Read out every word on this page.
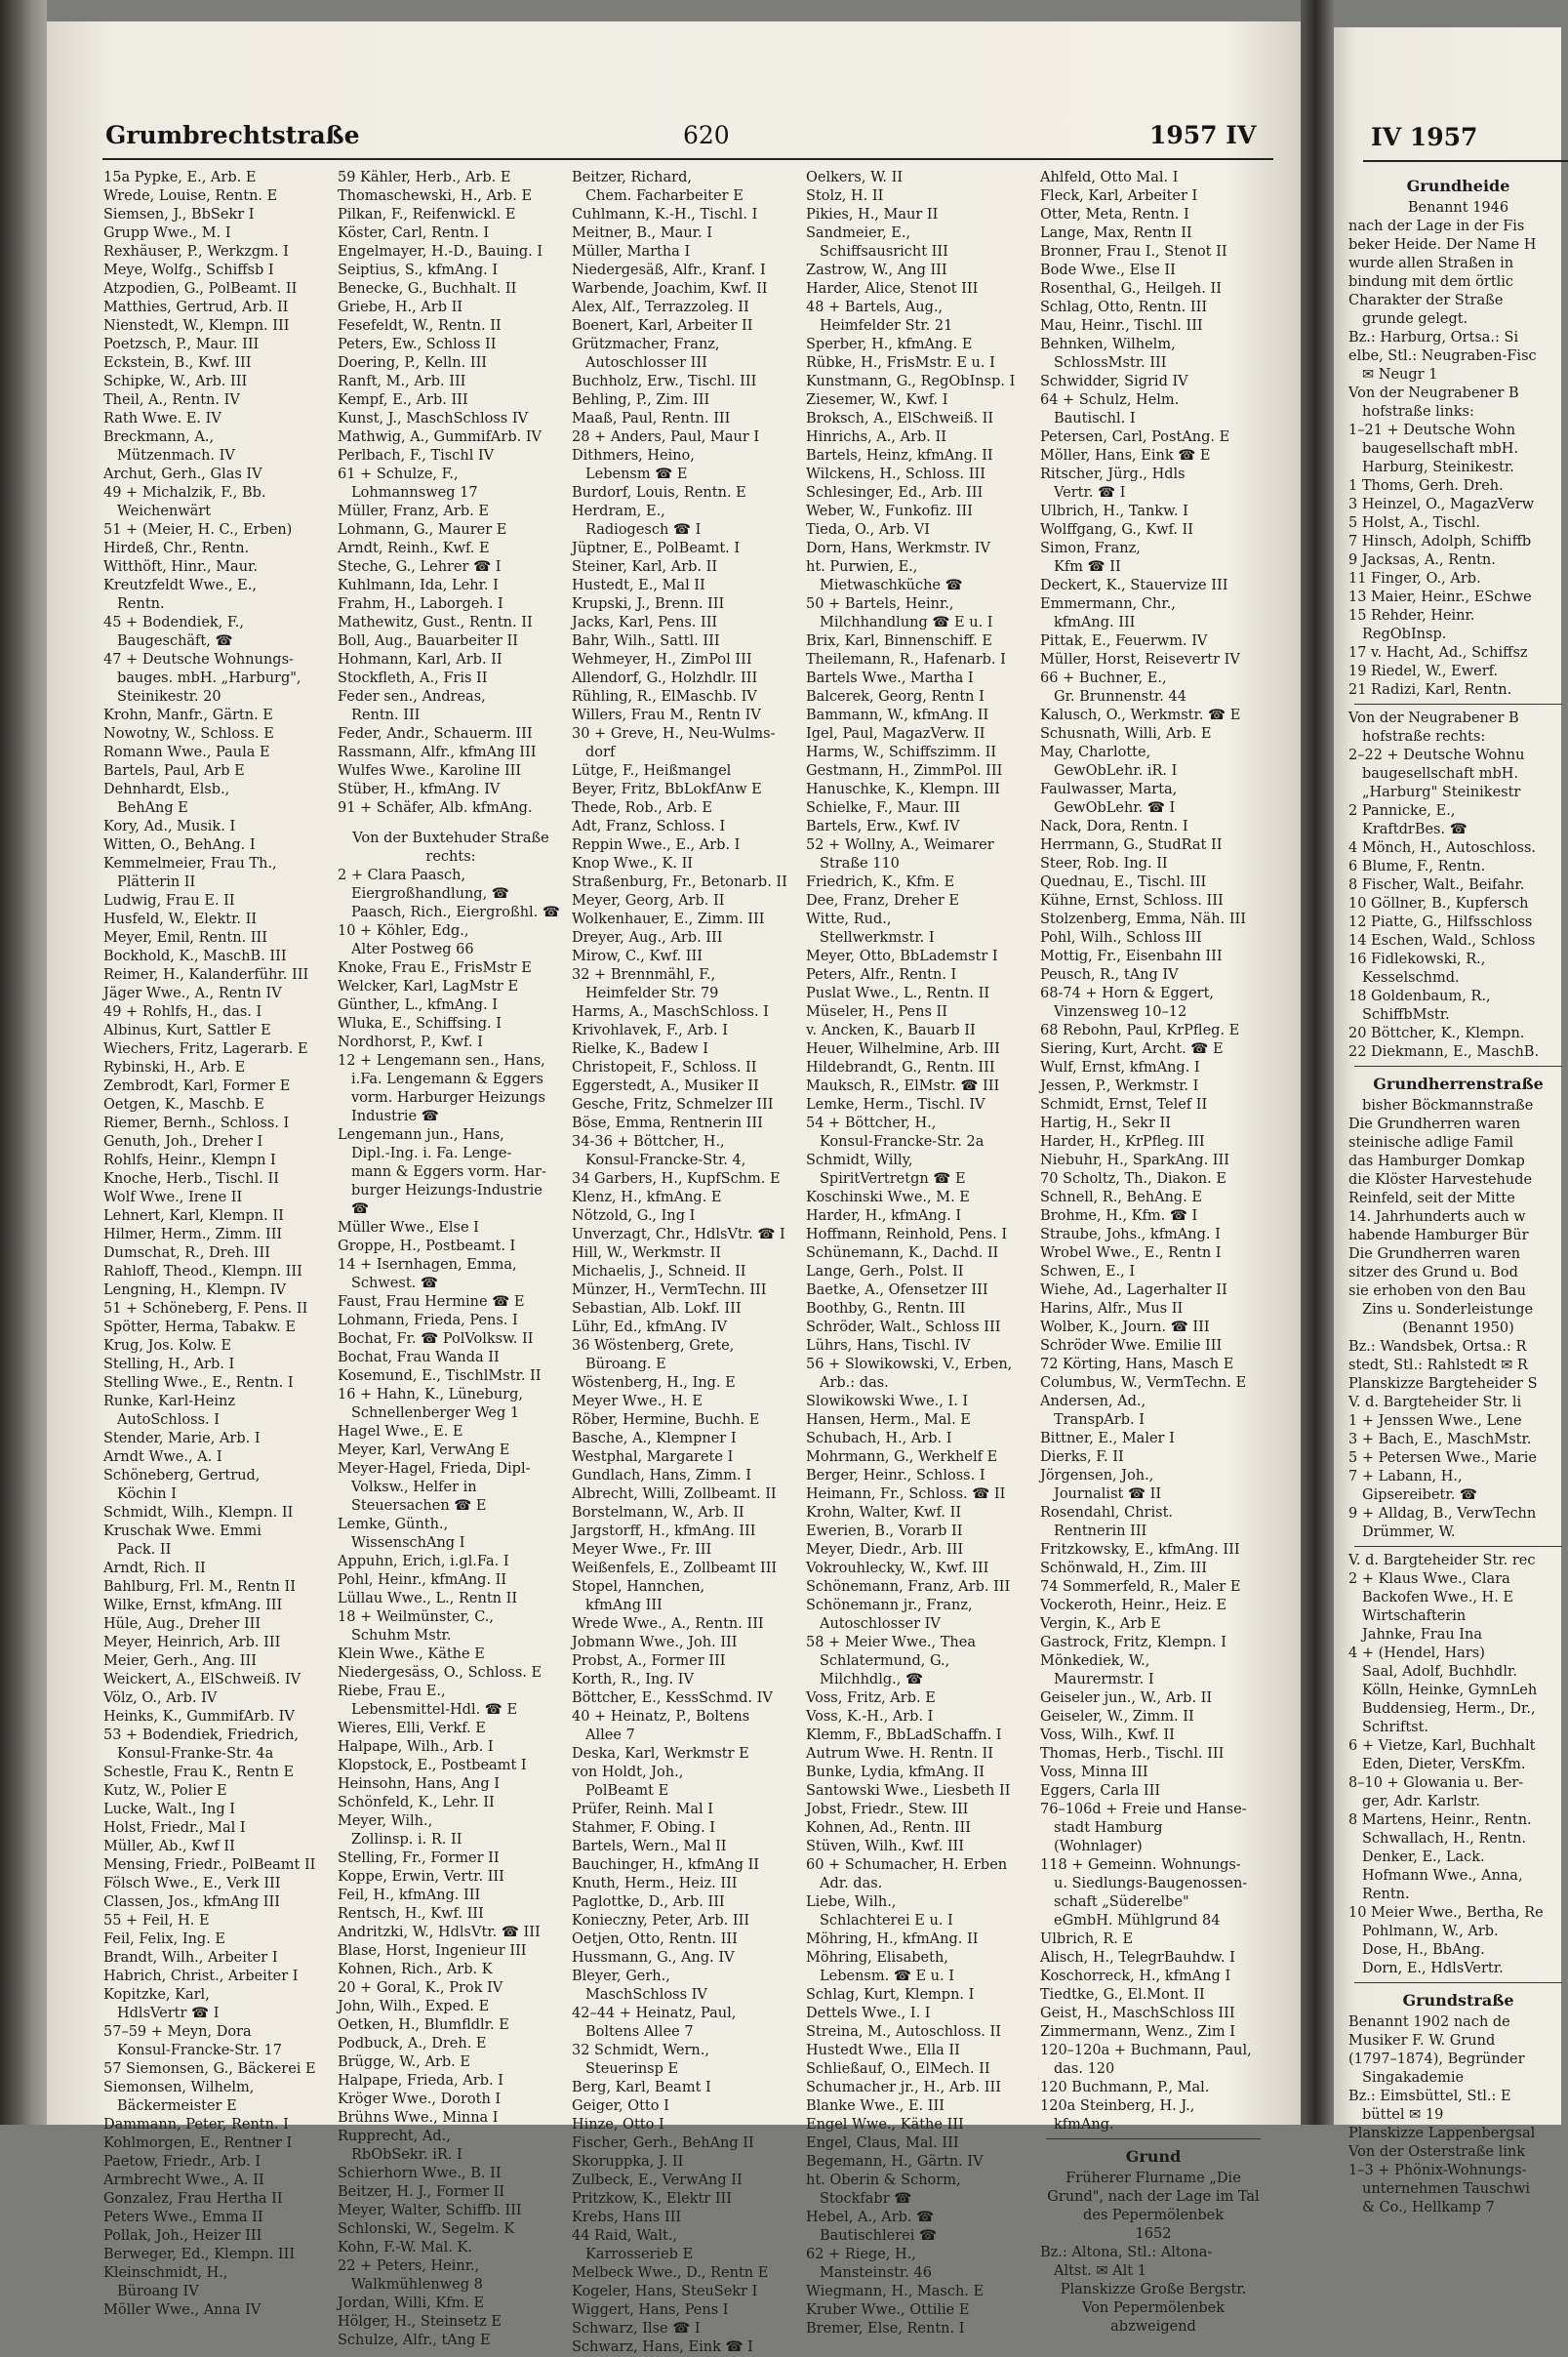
IV 1957
Grundheide
Benannt 1946
nach der Lage in der Fis
beker Heide. Der Name H
wurde allen Straßen in
bindung mit dem örtlic
Charakter der Straße
grunde gelegt.
Bz.: Harburg, Ortsa.: Si
elbe, Stl.: Neugraben-Fisc
✉ Neugr 1
Von der Neugrabener B
hofstraße links:
1–21 + Deutsche Wohn
baugesellschaft mbH.
Harburg, Steinikestr.
1 Thoms, Gerh. Dreh.
3 Heinzel, O., MagazVerw
5 Holst, A., Tischl.
7 Hinsch, Adolph, Schiffb
9 Jacksas, A., Rentn.
11 Finger, O., Arb.
13 Maier, Heinr., ESchwe
15 Rehder, Heinr.
RegObInsp.
17 v. Hacht, Ad., Schiffsz
19 Riedel, W., Ewerf.
21 Radizi, Karl, Rentn.
Von der Neugrabener B
hofstraße rechts:
2–22 + Deutsche Wohnu
baugesellschaft mbH.
„Harburg" Steinikestr
2 Pannicke, E.,
KraftdrBes. ☎
4 Mönch, H., Autoschloss.
6 Blume, F., Rentn.
8 Fischer, Walt., Beifahr.
10 Göllner, B., Kupfersch
12 Piatte, G., Hilfsschloss
14 Eschen, Wald., Schloss
16 Fidlekowski, R.,
Kesselschmd.
18 Goldenbaum, R.,
SchiffbMstr.
20 Böttcher, K., Klempn.
22 Diekmann, E., MaschB.
Grundherrenstraße
bisher Böckmannstraße
Die Grundherren waren
steinische adlige Famil
das Hamburger Domkap
die Klöster Harvestehude
Reinfeld, seit der Mitte
14. Jahrhunderts auch w
habende Hamburger Bür
Die Grundherren waren
sitzer des Grund u. Bod
sie erhoben von den Bau
Zins u. Sonderleistunge
(Benannt 1950)
Bz.: Wandsbek, Ortsa.: R
stedt, Stl.: Rahlstedt ✉ R
Planskizze Bargteheider S
V. d. Bargteheider Str. li
1 + Jenssen Wwe., Lene
3 + Bach, E., MaschMstr.
5 + Petersen Wwe., Marie
7 + Labann, H.,
Gipsereibetr. ☎
9 + Alldag, B., VerwTechn
Drümmer, W.
V. d. Bargteheider Str. rec
2 + Klaus Wwe., Clara
Backofen Wwe., H. E
Wirtschafterin
Jahnke, Frau Ina
4 + (Hendel, Hars)
Saal, Adolf, Buchhdlr.
Kölln, Heinke, GymnLeh
Buddensieg, Herm., Dr.,
Schriftst.
6 + Vietze, Karl, Buchhalt
Eden, Dieter, VersKfm.
8–10 + Glowania u. Ber-
ger, Adr. Karlstr.
8 Martens, Heinr., Rentn.
Schwallach, H., Rentn.
Denker, E., Lack.
Hofmann Wwe., Anna,
Rentn.
10 Meier Wwe., Bertha, Re
Pohlmann, W., Arb.
Dose, H., BbAng.
Dorn, E., HdlsVertr.
Grundstraße
Benannt 1902 nach de
Musiker F. W. Grund
(1797–1874), Begründer
Singakademie
Bz.: Eimsbüttel, Stl.: E
büttel ✉ 19
Planskizze Lappenbergsal
Von der Osterstraße link
1–3 + Phönix-Wohnungs-
unternehmen Tauschwi
& Co., Hellkamp 7
Grumbrechtstraße	620	1957 IV
15a Pypke, E., Arb. E
Wrede, Louise, Rentn. E
Siemsen, J., BbSekr I
Grupp Wwe., M. I
Rexhäuser, P., Werkzgm. I
Meye, Wolfg., Schiffsb I
Atzpodien, G., PolBeamt. II
Matthies, Gertrud, Arb. II
Nienstedt, W., Klempn. III
Poetzsch, P., Maur. III
Eckstein, B., Kwf. III
Schipke, W., Arb. III
Theil, A., Rentn. IV
Rath Wwe. E. IV
Breckmann, A.,
Mützenmach. IV
Archut, Gerh., Glas IV
49 + Michalzik, F., Bb.
Weichenwärt
51 + (Meier, H. C., Erben)
Hirdeß, Chr., Rentn.
Witthöft, Hinr., Maur.
Kreutzfeldt Wwe., E.,
Rentn.
45 + Bodendiek, F.,
Baugeschäft, ☎
47 + Deutsche Wohnungs-
bauges. mbH. „Harburg",
Steinikestr. 20
Krohn, Manfr., Gärtn. E
Nowotny, W., Schloss. E
Romann Wwe., Paula E
Bartels, Paul, Arb E
Dehnhardt, Elsb.,
BehAng E
Kory, Ad., Musik. I
Witten, O., BehAng. I
Kemmelmeier, Frau Th.,
Plätterin II
Ludwig, Frau E. II
Husfeld, W., Elektr. II
Meyer, Emil, Rentn. III
Bockhold, K., MaschB. III
Reimer, H., Kalanderführ. III
Jäger Wwe., A., Rentn IV
49 + Rohlfs, H., das. I
Albinus, Kurt, Sattler E
Wiechers, Fritz, Lagerarb. E
Rybinski, H., Arb. E
Zembrodt, Karl, Former E
Oetgen, K., Maschb. E
Riemer, Bernh., Schloss. I
Genuth, Joh., Dreher I
Rohlfs, Heinr., Klempn I
Knoche, Herb., Tischl. II
Wolf Wwe., Irene II
Lehnert, Karl, Klempn. II
Hilmer, Herm., Zimm. III
Dumschat, R., Dreh. III
Rahloff, Theod., Klempn. III
Lengning, H., Klempn. IV
51 + Schöneberg, F. Pens. II
Spötter, Herma, Tabakw. E
Krug, Jos. Kolw. E
Stelling, H., Arb. I
Stelling Wwe., E., Rentn. I
Runke, Karl-Heinz
AutoSchloss. I
Stender, Marie, Arb. I
Arndt Wwe., A. I
Schöneberg, Gertrud,
Köchin I
Schmidt, Wilh., Klempn. II
Kruschak Wwe. Emmi
Pack. II
Arndt, Rich. II
Bahlburg, Frl. M., Rentn II
Wilke, Ernst, kfmAng. III
Hüle, Aug., Dreher III
Meyer, Heinrich, Arb. III
Meier, Gerh., Ang. III
Weickert, A., ElSchweiß. IV
Völz, O., Arb. IV
Heinks, K., GummifArb. IV
53 + Bodendiek, Friedrich,
Konsul-Franke-Str. 4a
Schestle, Frau K., Rentn E
Kutz, W., Polier E
Lucke, Walt., Ing I
Holst, Friedr., Mal I
Müller, Ab., Kwf II
Mensing, Friedr., PolBeamt II
Fölsch Wwe., E., Verk III
Classen, Jos., kfmAng III
55 + Feil, H. E
Feil, Felix, Ing. E
Brandt, Wilh., Arbeiter I
Habrich, Christ., Arbeiter I
Kopitzke, Karl,
HdlsVertr ☎ I
57–59 + Meyn, Dora
Konsul-Francke-Str. 17
57 Siemonsen, G., Bäckerei E
Siemonsen, Wilhelm,
Bäckermeister E
Dammann, Peter, Rentn. I
Kohlmorgen, E., Rentner I
Paetow, Friedr., Arb. I
Armbrecht Wwe., A. II
Gonzalez, Frau Hertha II
Peters Wwe., Emma II
Pollak, Joh., Heizer III
Berweger, Ed., Klempn. III
Kleinschmidt, H.,
Büroang IV
Möller Wwe., Anna IV
59 Kähler, Herb., Arb. E
Thomaschewski, H., Arb. E
Pilkan, F., Reifenwickl. E
Köster, Carl, Rentn. I
Engelmayer, H.-D., Bauing. I
Seiptius, S., kfmAng. I
Benecke, G., Buchhalt. II
Griebe, H., Arb II
Fesefeldt, W., Rentn. II
Peters, Ew., Schloss II
Doering, P., Kelln. III
Ranft, M., Arb. III
Kempf, E., Arb. III
Kunst, J., MaschSchloss IV
Mathwig, A., GummifArb. IV
Perlbach, F., Tischl IV
61 + Schulze, F.,
Lohmannsweg 17
Müller, Franz, Arb. E
Lohmann, G., Maurer E
Arndt, Reinh., Kwf. E
Steche, G., Lehrer ☎ I
Kuhlmann, Ida, Lehr. I
Frahm, H., Laborgeh. I
Mathewitz, Gust., Rentn. II
Boll, Aug., Bauarbeiter II
Hohmann, Karl, Arb. II
Stockfleth, A., Fris II
Feder sen., Andreas,
Rentn. III
Feder, Andr., Schauerm. III
Rassmann, Alfr., kfmAng III
Wulfes Wwe., Karoline III
Stüber, H., kfmAng. IV
91 + Schäfer, Alb. kfmAng.
Von der Buxtehuder Straße
rechts:
2 + Clara Paasch,
Eiergroßhandlung, ☎
Paasch, Rich., Eiergroßhl. ☎
10 + Köhler, Edg.,
Alter Postweg 66
Knoke, Frau E., FrisMstr E
Welcker, Karl, LagMstr E
Günther, L., kfmAng. I
Wluka, E., Schiffsing. I
Nordhorst, P., Kwf. I
12 + Lengemann sen., Hans,
i.Fa. Lengemann & Eggers
vorm. Harburger Heizungs
Industrie ☎
Lengemann jun., Hans,
Dipl.-Ing. i. Fa. Lenge-
mann & Eggers vorm. Har-
burger Heizungs-Industrie
☎
Müller Wwe., Else I
Groppe, H., Postbeamt. I
14 + Isernhagen, Emma,
Schwest. ☎
Faust, Frau Hermine ☎ E
Lohmann, Frieda, Pens. I
Bochat, Fr. ☎ PolVolksw. II
Bochat, Frau Wanda II
Kosemund, E., TischlMstr. II
16 + Hahn, K., Lüneburg,
Schnellenberger Weg 1
Hagel Wwe., E. E
Meyer, Karl, VerwAng E
Meyer-Hagel, Frieda, Dipl-
Volksw., Helfer in
Steuersachen ☎ E
Lemke, Günth.,
WissenschAng I
Appuhn, Erich, i.gl.Fa. I
Pohl, Heinr., kfmAng. II
Lüllau Wwe., L., Rentn II
18 + Weilmünster, C.,
Schuhm Mstr.
Klein Wwe., Käthe E
Niedergesäss, O., Schloss. E
Riebe, Frau E.,
Lebensmittel-Hdl. ☎ E
Wieres, Elli, Verkf. E
Halpape, Wilh., Arb. I
Klopstock, E., Postbeamt I
Heinsohn, Hans, Ang I
Schönfeld, K., Lehr. II
Meyer, Wilh.,
Zollinsp. i. R. II
Stelling, Fr., Former II
Koppe, Erwin, Vertr. III
Feil, H., kfmAng. III
Rentsch, H., Kwf. III
Andritzki, W., HdlsVtr. ☎ III
Blase, Horst, Ingenieur III
Kohnen, Rich., Arb. K
20 + Goral, K., Prok IV
John, Wilh., Exped. E
Oetken, H., Blumfldlr. E
Podbuck, A., Dreh. E
Brügge, W., Arb. E
Halpape, Frieda, Arb. I
Kröger Wwe., Doroth I
Brühns Wwe., Minna I
Rupprecht, Ad.,
RbObSekr. iR. I
Schierhorn Wwe., B. II
Beitzer, H. J., Former II
Meyer, Walter, Schiffb. III
Schlonski, W., Segelm. K
Kohn, F.-W. Mal. K.
22 + Peters, Heinr.,
Walkmühlenweg 8
Jordan, Willi, Kfm. E
Hölger, H., Steinsetz E
Schulze, Alfr., tAng E
Beitzer, Richard,
Chem. Facharbeiter E
Cuhlmann, K.-H., Tischl. I
Meitner, B., Maur. I
Müller, Martha I
Niedergesäß, Alfr., Kranf. I
Warbende, Joachim, Kwf. II
Alex, Alf., Terrazzoleg. II
Boenert, Karl, Arbeiter II
Grützmacher, Franz,
Autoschlosser III
Buchholz, Erw., Tischl. III
Behling, P., Zim. III
Maaß, Paul, Rentn. III
28 + Anders, Paul, Maur I
Dithmers, Heino,
Lebensm ☎ E
Burdorf, Louis, Rentn. E
Herdram, E.,
Radiogesch ☎ I
Jüptner, E., PolBeamt. I
Steiner, Karl, Arb. II
Hustedt, E., Mal II
Krupski, J., Brenn. III
Jacks, Karl, Pens. III
Bahr, Wilh., Sattl. III
Wehmeyer, H., ZimPol III
Allendorf, G., Holzhdlr. III
Rühling, R., ElMaschb. IV
Willers, Frau M., Rentn IV
30 + Greve, H., Neu-Wulms-
dorf
Lütge, F., Heißmangel
Beyer, Fritz, BbLokfAnw E
Thede, Rob., Arb. E
Adt, Franz, Schloss. I
Reppin Wwe., E., Arb. I
Knop Wwe., K. II
Straßenburg, Fr., Betonarb. II
Meyer, Georg, Arb. II
Wolkenhauer, E., Zimm. III
Dreyer, Aug., Arb. III
Mirow, C., Kwf. III
32 + Brennmähl, F.,
Heimfelder Str. 79
Harms, A., MaschSchloss. I
Krivohlavek, F., Arb. I
Rielke, K., Badew I
Christopeit, F., Schloss. II
Eggerstedt, A., Musiker II
Gesche, Fritz, Schmelzer III
Böse, Emma, Rentnerin III
34-36 + Böttcher, H.,
Konsul-Francke-Str. 4,
34 Garbers, H., KupfSchm. E
Klenz, H., kfmAng. E
Nötzold, G., Ing I
Unverzagt, Chr., HdlsVtr. ☎ I
Hill, W., Werkmstr. II
Michaelis, J., Schneid. II
Münzer, H., VermTechn. III
Sebastian, Alb. Lokf. III
Lühr, Ed., kfmAng. IV
36 Wöstenberg, Grete,
Büroang. E
Wöstenberg, H., Ing. E
Meyer Wwe., H. E
Röber, Hermine, Buchh. E
Basche, A., Klempner I
Westphal, Margarete I
Gundlach, Hans, Zimm. I
Albrecht, Willi, Zollbeamt. II
Borstelmann, W., Arb. II
Jargstorff, H., kfmAng. III
Meyer Wwe., Fr. III
Weißenfels, E., Zollbeamt III
Stopel, Hannchen,
kfmAng III
Wrede Wwe., A., Rentn. III
Jobmann Wwe., Joh. III
Probst, A., Former III
Korth, R., Ing. IV
Böttcher, E., KessSchmd. IV
40 + Heinatz, P., Boltens
Allee 7
Deska, Karl, Werkmstr E
von Holdt, Joh.,
PolBeamt E
Prüfer, Reinh. Mal I
Stahmer, F. Obing. I
Bartels, Wern., Mal II
Bauchinger, H., kfmAng II
Knuth, Herm., Heiz. III
Paglottke, D., Arb. III
Konieczny, Peter, Arb. III
Oetjen, Otto, Rentn. III
Hussmann, G., Ang. IV
Bleyer, Gerh.,
MaschSchloss IV
42–44 + Heinatz, Paul,
Boltens Allee 7
32 Schmidt, Wern.,
Steuerinsp E
Berg, Karl, Beamt I
Geiger, Otto I
Hinze, Otto I
Fischer, Gerh., BehAng II
Skoruppka, J. II
Zulbeck, E., VerwAng II
Pritzkow, K., Elektr III
Krebs, Hans III
44 Raid, Walt.,
Karrosserieb E
Melbeck Wwe., D., Rentn E
Kogeler, Hans, SteuSekr I
Wiggert, Hans, Pens I
Schwarz, Ilse ☎ I
Schwarz, Hans, Eink ☎ I
Oelkers, W. II
Stolz, H. II
Pikies, H., Maur II
Sandmeier, E.,
Schiffsausricht III
Zastrow, W., Ang III
Harder, Alice, Stenot III
48 + Bartels, Aug.,
Heimfelder Str. 21
Sperber, H., kfmAng. E
Rübke, H., FrisMstr. E u. I
Kunstmann, G., RegObInsp. I
Ziesemer, W., Kwf. I
Broksch, A., ElSchweiß. II
Hinrichs, A., Arb. II
Bartels, Heinz, kfmAng. II
Wilckens, H., Schloss. III
Schlesinger, Ed., Arb. III
Weber, W., Funkofiz. III
Tieda, O., Arb. VI
Dorn, Hans, Werkmstr. IV
ht. Purwien, E.,
Mietwaschküche ☎
50 + Bartels, Heinr.,
Milchhandlung ☎ E u. I
Brix, Karl, Binnenschiff. E
Theilemann, R., Hafenarb. I
Bartels Wwe., Martha I
Balcerek, Georg, Rentn I
Bammann, W., kfmAng. II
Igel, Paul, MagazVerw. II
Harms, W., Schiffszimm. II
Gestmann, H., ZimmPol. III
Hanuschke, K., Klempn. III
Schielke, F., Maur. III
Bartels, Erw., Kwf. IV
52 + Wollny, A., Weimarer
Straße 110
Friedrich, K., Kfm. E
Dee, Franz, Dreher E
Witte, Rud.,
Stellwerkmstr. I
Meyer, Otto, BbLademstr I
Peters, Alfr., Rentn. I
Puslat Wwe., L., Rentn. II
Müseler, H., Pens II
v. Ancken, K., Bauarb II
Heuer, Wilhelmine, Arb. III
Hildebrandt, G., Rentn. III
Mauksch, R., ElMstr. ☎ III
Lemke, Herm., Tischl. IV
54 + Böttcher, H.,
Konsul-Francke-Str. 2a
Schmidt, Willy,
SpiritVertretgn ☎ E
Koschinski Wwe., M. E
Harder, H., kfmAng. I
Hoffmann, Reinhold, Pens. I
Schünemann, K., Dachd. II
Lange, Gerh., Polst. II
Baetke, A., Ofensetzer III
Boothby, G., Rentn. III
Schröder, Walt., Schloss III
Lührs, Hans, Tischl. IV
56 + Slowikowski, V., Erben,
Arb.: das.
Slowikowski Wwe., I. I
Hansen, Herm., Mal. E
Schubach, H., Arb. I
Mohrmann, G., Werkhelf E
Berger, Heinr., Schloss. I
Heimann, Fr., Schloss. ☎ II
Krohn, Walter, Kwf. II
Ewerien, B., Vorarb II
Meyer, Diedr., Arb. III
Vokrouhlecky, W., Kwf. III
Schönemann, Franz, Arb. III
Schönemann jr., Franz,
Autoschlosser IV
58 + Meier Wwe., Thea
Schlatermund, G.,
Milchhdlg., ☎
Voss, Fritz, Arb. E
Voss, K.-H., Arb. I
Klemm, F., BbLadSchaffn. I
Autrum Wwe. H. Rentn. II
Bunke, Lydia, kfmAng. II
Santowski Wwe., Liesbeth II
Jobst, Friedr., Stew. III
Kohnen, Ad., Rentn. III
Stüven, Wilh., Kwf. III
60 + Schumacher, H. Erben
Adr. das.
Liebe, Wilh.,
Schlachterei E u. I
Möhring, H., kfmAng. II
Möhring, Elisabeth,
Lebensm. ☎ E u. I
Schlag, Kurt, Klempn. I
Dettels Wwe., I. I
Streina, M., Autoschloss. II
Hustedt Wwe., Ella II
Schließauf, O., ElMech. II
Schumacher jr., H., Arb. III
Blanke Wwe., E. III
Engel Wwe., Käthe III
Engel, Claus, Mal. III
Begemann, H., Gärtn. IV
ht. Oberin & Schorm,
Stockfabr ☎
Hebel, A., Arb. ☎
Bautischlerei ☎
62 + Riege, H.,
Mansteinstr. 46
Wiegmann, H., Masch. E
Kruber Wwe., Ottilie E
Bremer, Else, Rentn. I
Ahlfeld, Otto Mal. I
Fleck, Karl, Arbeiter I
Otter, Meta, Rentn. I
Lange, Max, Rentn II
Bronner, Frau I., Stenot II
Bode Wwe., Else II
Rosenthal, G., Heilgeh. II
Schlag, Otto, Rentn. III
Mau, Heinr., Tischl. III
Behnken, Wilhelm,
SchlossMstr. III
Schwidder, Sigrid IV
64 + Schulz, Helm.
Bautischl. I
Petersen, Carl, PostAng. E
Möller, Hans, Eink ☎ E
Ritscher, Jürg., Hdls
Vertr. ☎ I
Ulbrich, H., Tankw. I
Wolffgang, G., Kwf. II
Simon, Franz,
Kfm ☎ II
Deckert, K., Stauervize III
Emmermann, Chr.,
kfmAng. III
Pittak, E., Feuerwm. IV
Müller, Horst, Reisevertr IV
66 + Buchner, E.,
Gr. Brunnenstr. 44
Kalusch, O., Werkmstr. ☎ E
Schusnath, Willi, Arb. E
May, Charlotte,
GewObLehr. iR. I
Faulwasser, Marta,
GewObLehr. ☎ I
Nack, Dora, Rentn. I
Herrmann, G., StudRat II
Steer, Rob. Ing. II
Quednau, E., Tischl. III
Kühne, Ernst, Schloss. III
Stolzenberg, Emma, Näh. III
Pohl, Wilh., Schloss III
Mottig, Fr., Eisenbahn III
Peusch, R., tAng IV
68-74 + Horn & Eggert,
Vinzensweg 10–12
68 Rebohn, Paul, KrPfleg. E
Siering, Kurt, Archt. ☎ E
Wulf, Ernst, kfmAng. I
Jessen, P., Werkmstr. I
Schmidt, Ernst, Telef II
Hartig, H., Sekr II
Harder, H., KrPfleg. III
Niebuhr, H., SparkAng. III
70 Scholtz, Th., Diakon. E
Schnell, R., BehAng. E
Brohme, H., Kfm. ☎ I
Straube, Johs., kfmAng. I
Wrobel Wwe., E., Rentn I
Schwen, E., I
Wiehe, Ad., Lagerhalter II
Harins, Alfr., Mus II
Wolber, K., Journ. ☎ III
Schröder Wwe. Emilie III
72 Körting, Hans, Masch E
Columbus, W., VermTechn. E
Andersen, Ad.,
TranspArb. I
Bittner, E., Maler I
Dierks, F. II
Jörgensen, Joh.,
Journalist ☎ II
Rosendahl, Christ.
Rentnerin III
Fritzkowsky, E., kfmAng. III
Schönwald, H., Zim. III
74 Sommerfeld, R., Maler E
Vockeroth, Heinr., Heiz. E
Vergin, K., Arb E
Gastrock, Fritz, Klempn. I
Mönkediek, W.,
Maurermstr. I
Geiseler jun., W., Arb. II
Geiseler, W., Zimm. II
Voss, Wilh., Kwf. II
Thomas, Herb., Tischl. III
Voss, Minna III
Eggers, Carla III
76–106d + Freie und Hanse-
stadt Hamburg
(Wohnlager)
118 + Gemeinn. Wohnungs-
u. Siedlungs-Baugenossen-
schaft „Süderelbe"
eGmbH. Mühlgrund 84
Ulbrich, R. E
Alisch, H., TelegrBauhdw. I
Koschorreck, H., kfmAng I
Tiedtke, G., El.Mont. II
Geist, H., MaschSchloss III
Zimmermann, Wenz., Zim I
120–120a + Buchmann, Paul,
das. 120
120 Buchmann, P., Mal.
120a Steinberg, H. J.,
kfmAng.
Grund
Früherer Flurname „Die
Grund", nach der Lage im Tal
des Pepermölenbek
1652
Bz.: Altona, Stl.: Altona-
Altst. ✉ Alt 1
Planskizze Große Bergstr.
Von Pepermölenbek
abzweigend
